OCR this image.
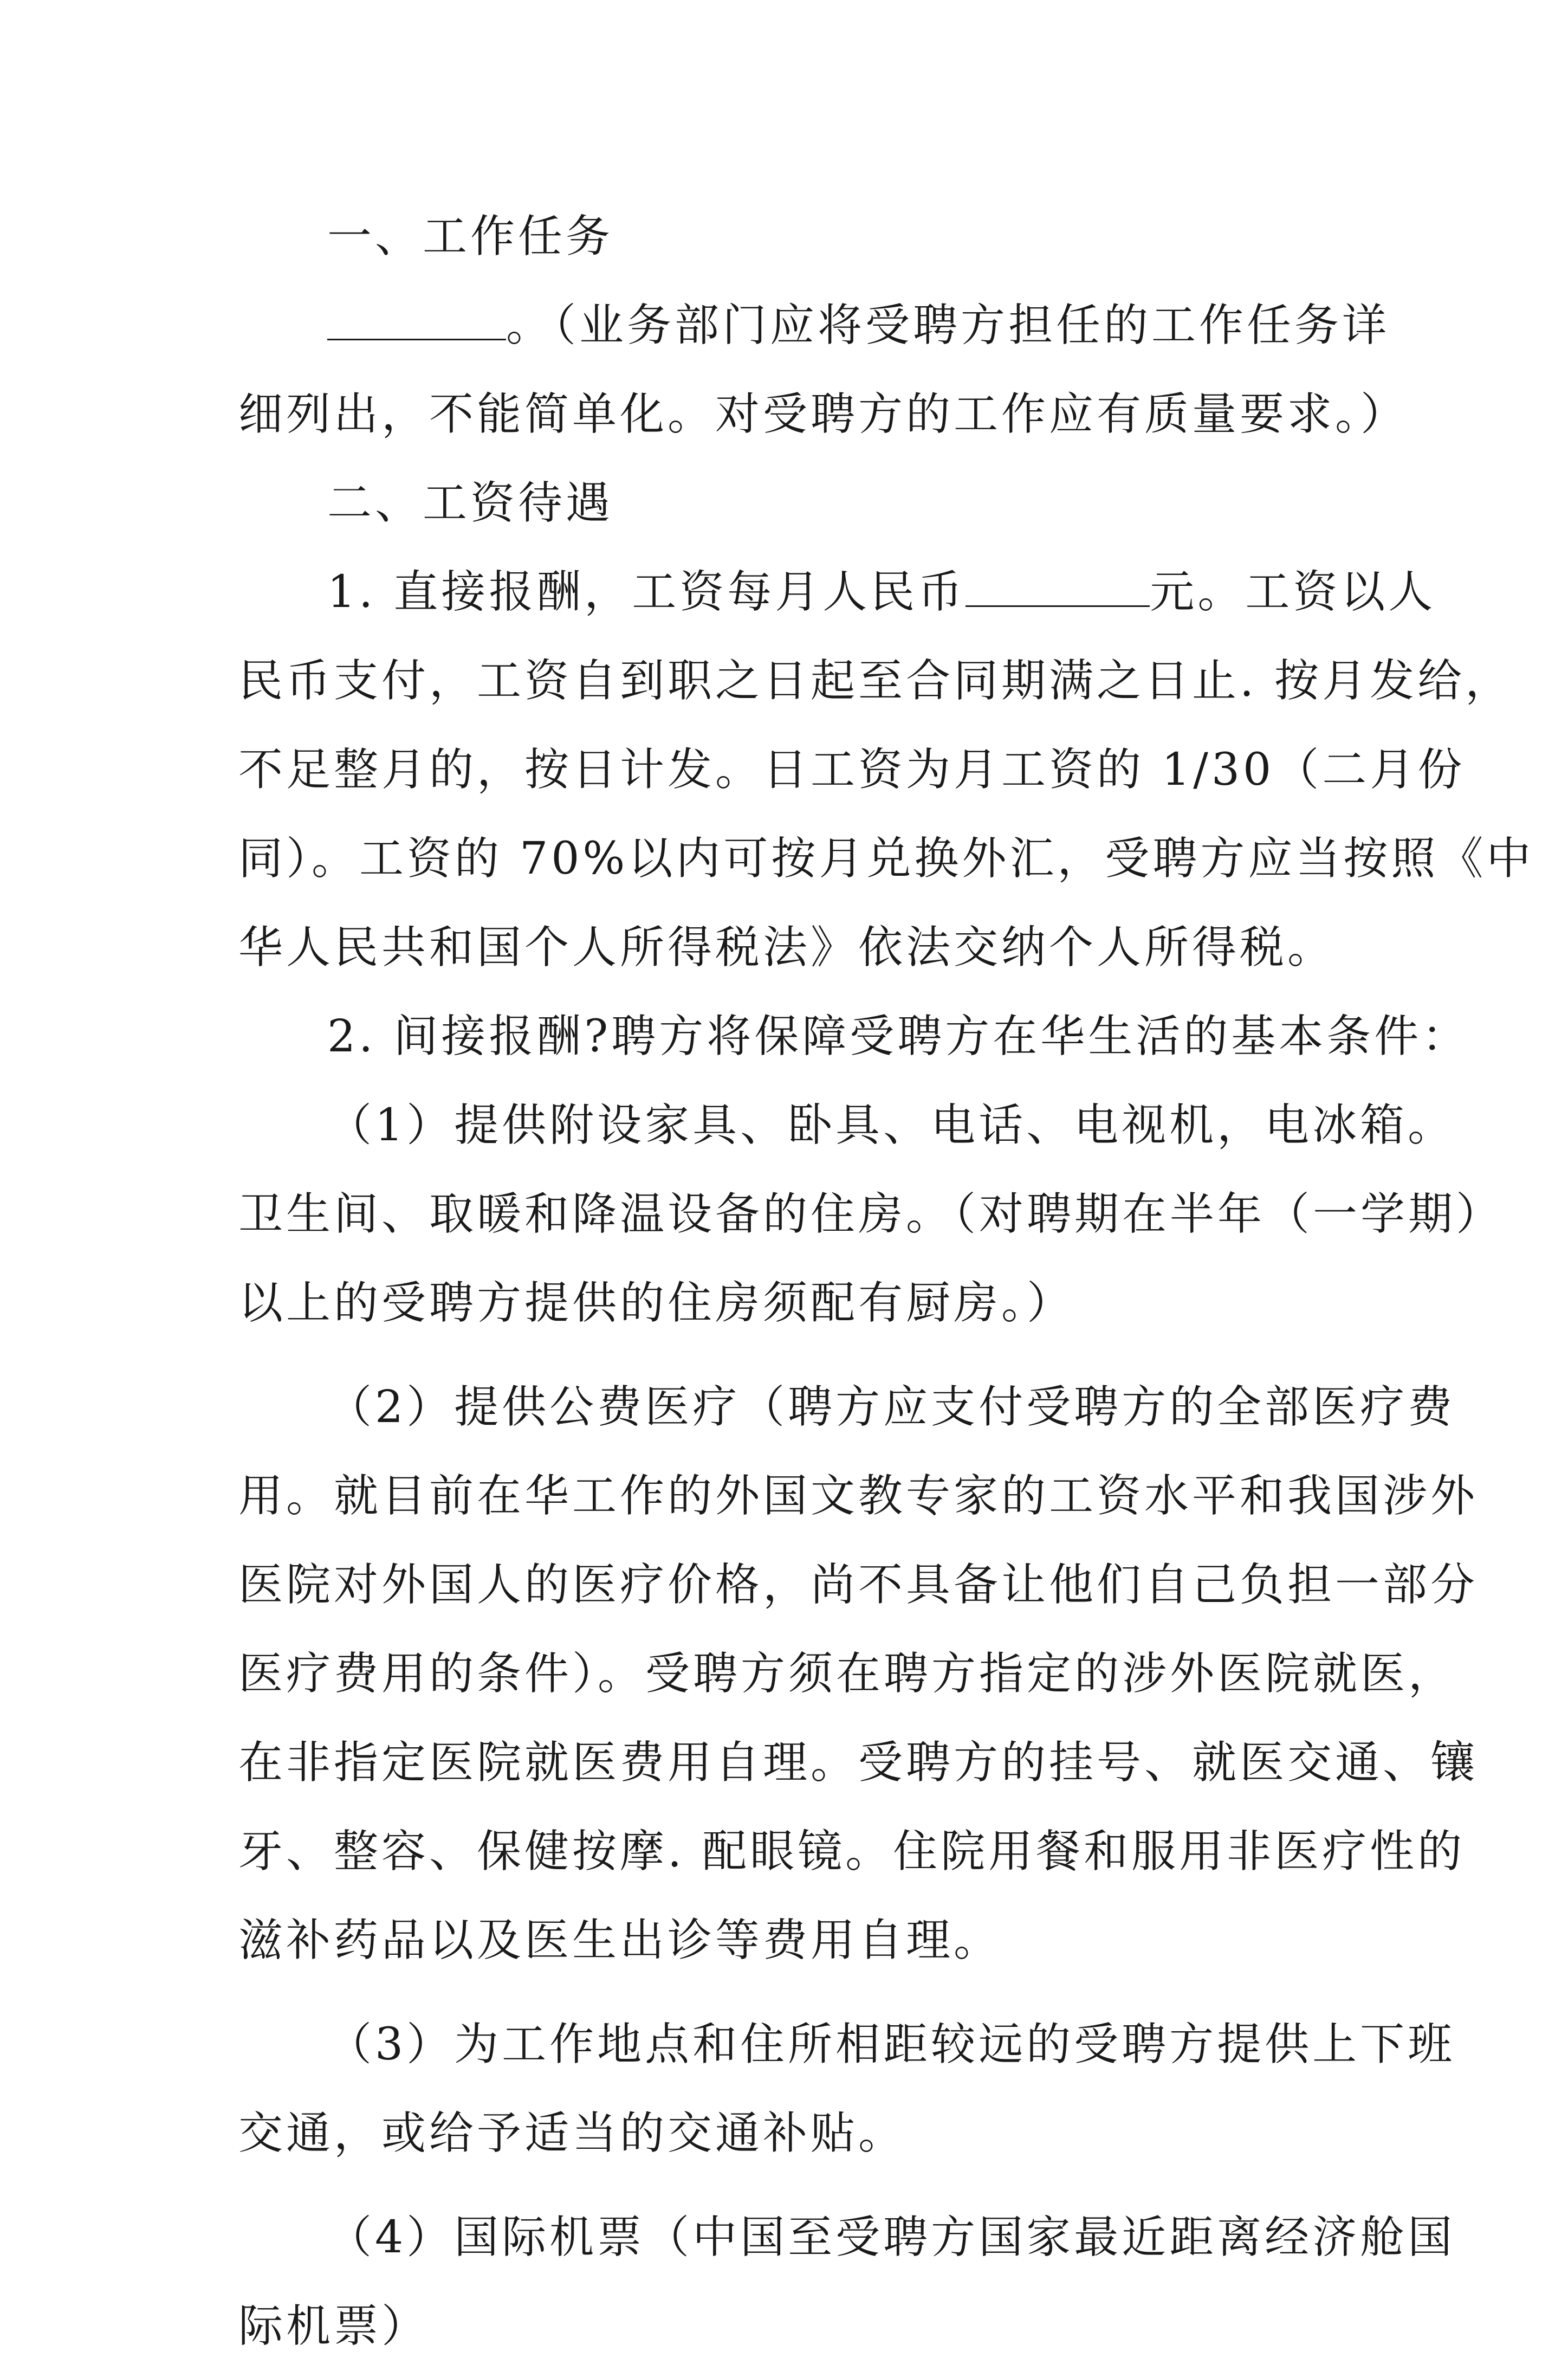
一、工作任务
。（业务部门应将受聘方担任的工作任务详
细列出，不能简单化。对受聘方的工作应有质量要求。）
二、工资待遇
1. 直接报酬，工资每月人民币	元。工资以人
民币支付，工资自到职之日起至合同期满之日止. 按月发给，
不足整月的，按日计发。日工资为月工资的 1/30（二月份
同）。工资的 70%以内可按月兑换外汇，受聘方应当按照《中
华人民共和国个人所得税法》依法交纳个人所得税。
2. 间接报酬?聘方将保障受聘方在华生活的基本条件：
（1）提供附设家具、卧具、电话、电视机，电冰箱。
卫生间、取暖和降温设备的住房。（对聘期在半年（一学期）
以上的受聘方提供的住房须配有厨房。）
（2）提供公费医疗（聘方应支付受聘方的全部医疗费
用。就目前在华工作的外国文教专家的工资水平和我国涉外
医院对外国人的医疗价格，尚不具备让他们自己负担一部分
医疗费用的条件）。受聘方须在聘方指定的涉外医院就医，
在非指定医院就医费用自理。受聘方的挂号、就医交通、镶
牙、整容、保健按摩. 配眼镜。住院用餐和服用非医疗性的
滋补药品以及医生出诊等费用自理。
（3）为工作地点和住所相距较远的受聘方提供上下班
交通，或给予适当的交通补贴。
（4）国际机票（中国至受聘方国家最近距离经济舱国
际机票）
